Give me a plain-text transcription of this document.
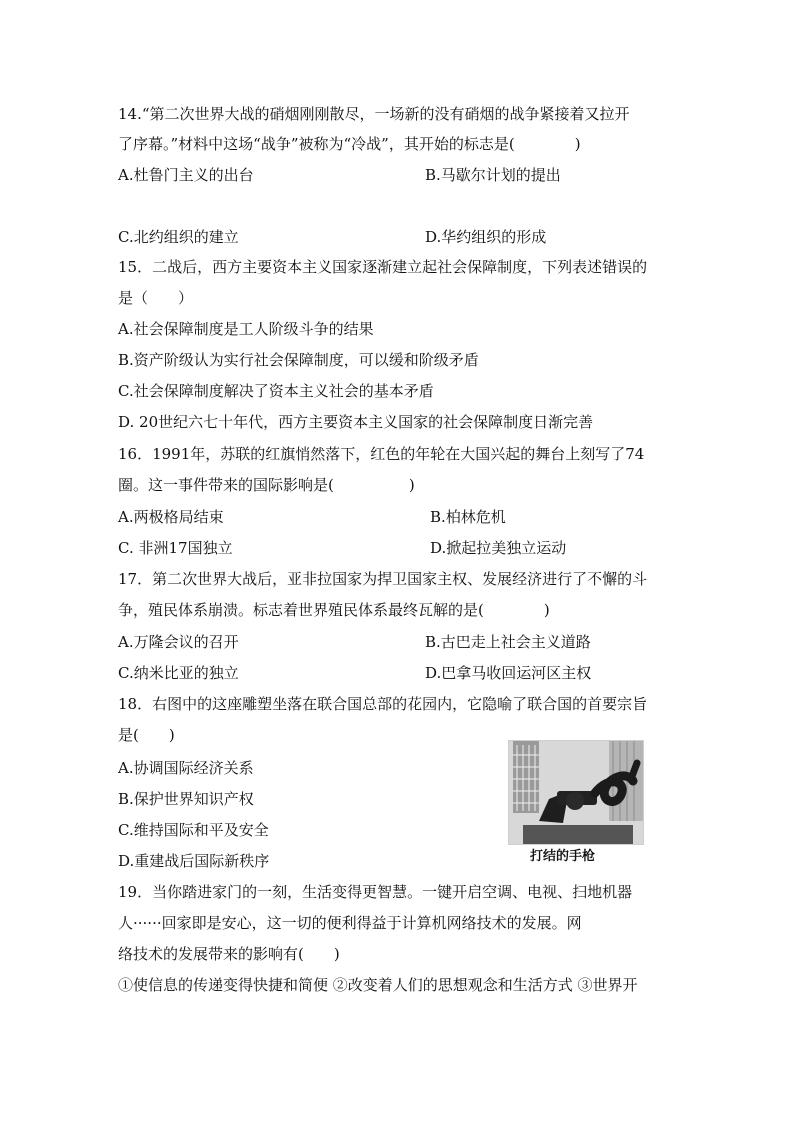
14.“第二次世界大战的硝烟刚刚散尽，一场新的没有硝烟的战争紧接着又拉开
了序幕。”材料中这场“战争”被称为“冷战”，其开始的标志是(　　　　)
A.杜鲁门主义的出台	B.马歇尔计划的提出
C.北约组织的建立	D.华约组织的形成
15．二战后，西方主要资本主义国家逐渐建立起社会保障制度，下列表述错误的
是（　　）
A.社会保障制度是工人阶级斗争的结果
B.资产阶级认为实行社会保障制度，可以缓和阶级矛盾
C.社会保障制度解决了资本主义社会的基本矛盾
D. 20世纪六七十年代，西方主要资本主义国家的社会保障制度日渐完善
16．1991年，苏联的红旗悄然落下，红色的年轮在大国兴起的舞台上刻写了74
圈。这一事件带来的国际影响是(　　　　　)
A.两极格局结束	B.柏林危机
C. 非洲17国独立	D.掀起拉美独立运动
17．第二次世界大战后，亚非拉国家为捍卫国家主权、发展经济进行了不懈的斗
争，殖民体系崩溃。标志着世界殖民体系最终瓦解的是(　　　　)
A.万隆会议的召开	B.古巴走上社会主义道路
C.纳米比亚的独立	D.巴拿马收回运河区主权
18．右图中的这座雕塑坐落在联合国总部的花园内，它隐喻了联合国的首要宗旨
是(　　)
A.协调国际经济关系
B.保护世界知识产权
C.维持国际和平及安全
D.重建战后国际新秩序	打结的手枪
19．当你踏进家门的一刻，生活变得更智慧。一键开启空调、电视、扫地机器
人······回家即是安心，这一切的便利得益于计算机网络技术的发展。网
络技术的发展带来的影响有(　　)
①使信息的传递变得快捷和简便 ②改变着人们的思想观念和生活方式 ③世界开
